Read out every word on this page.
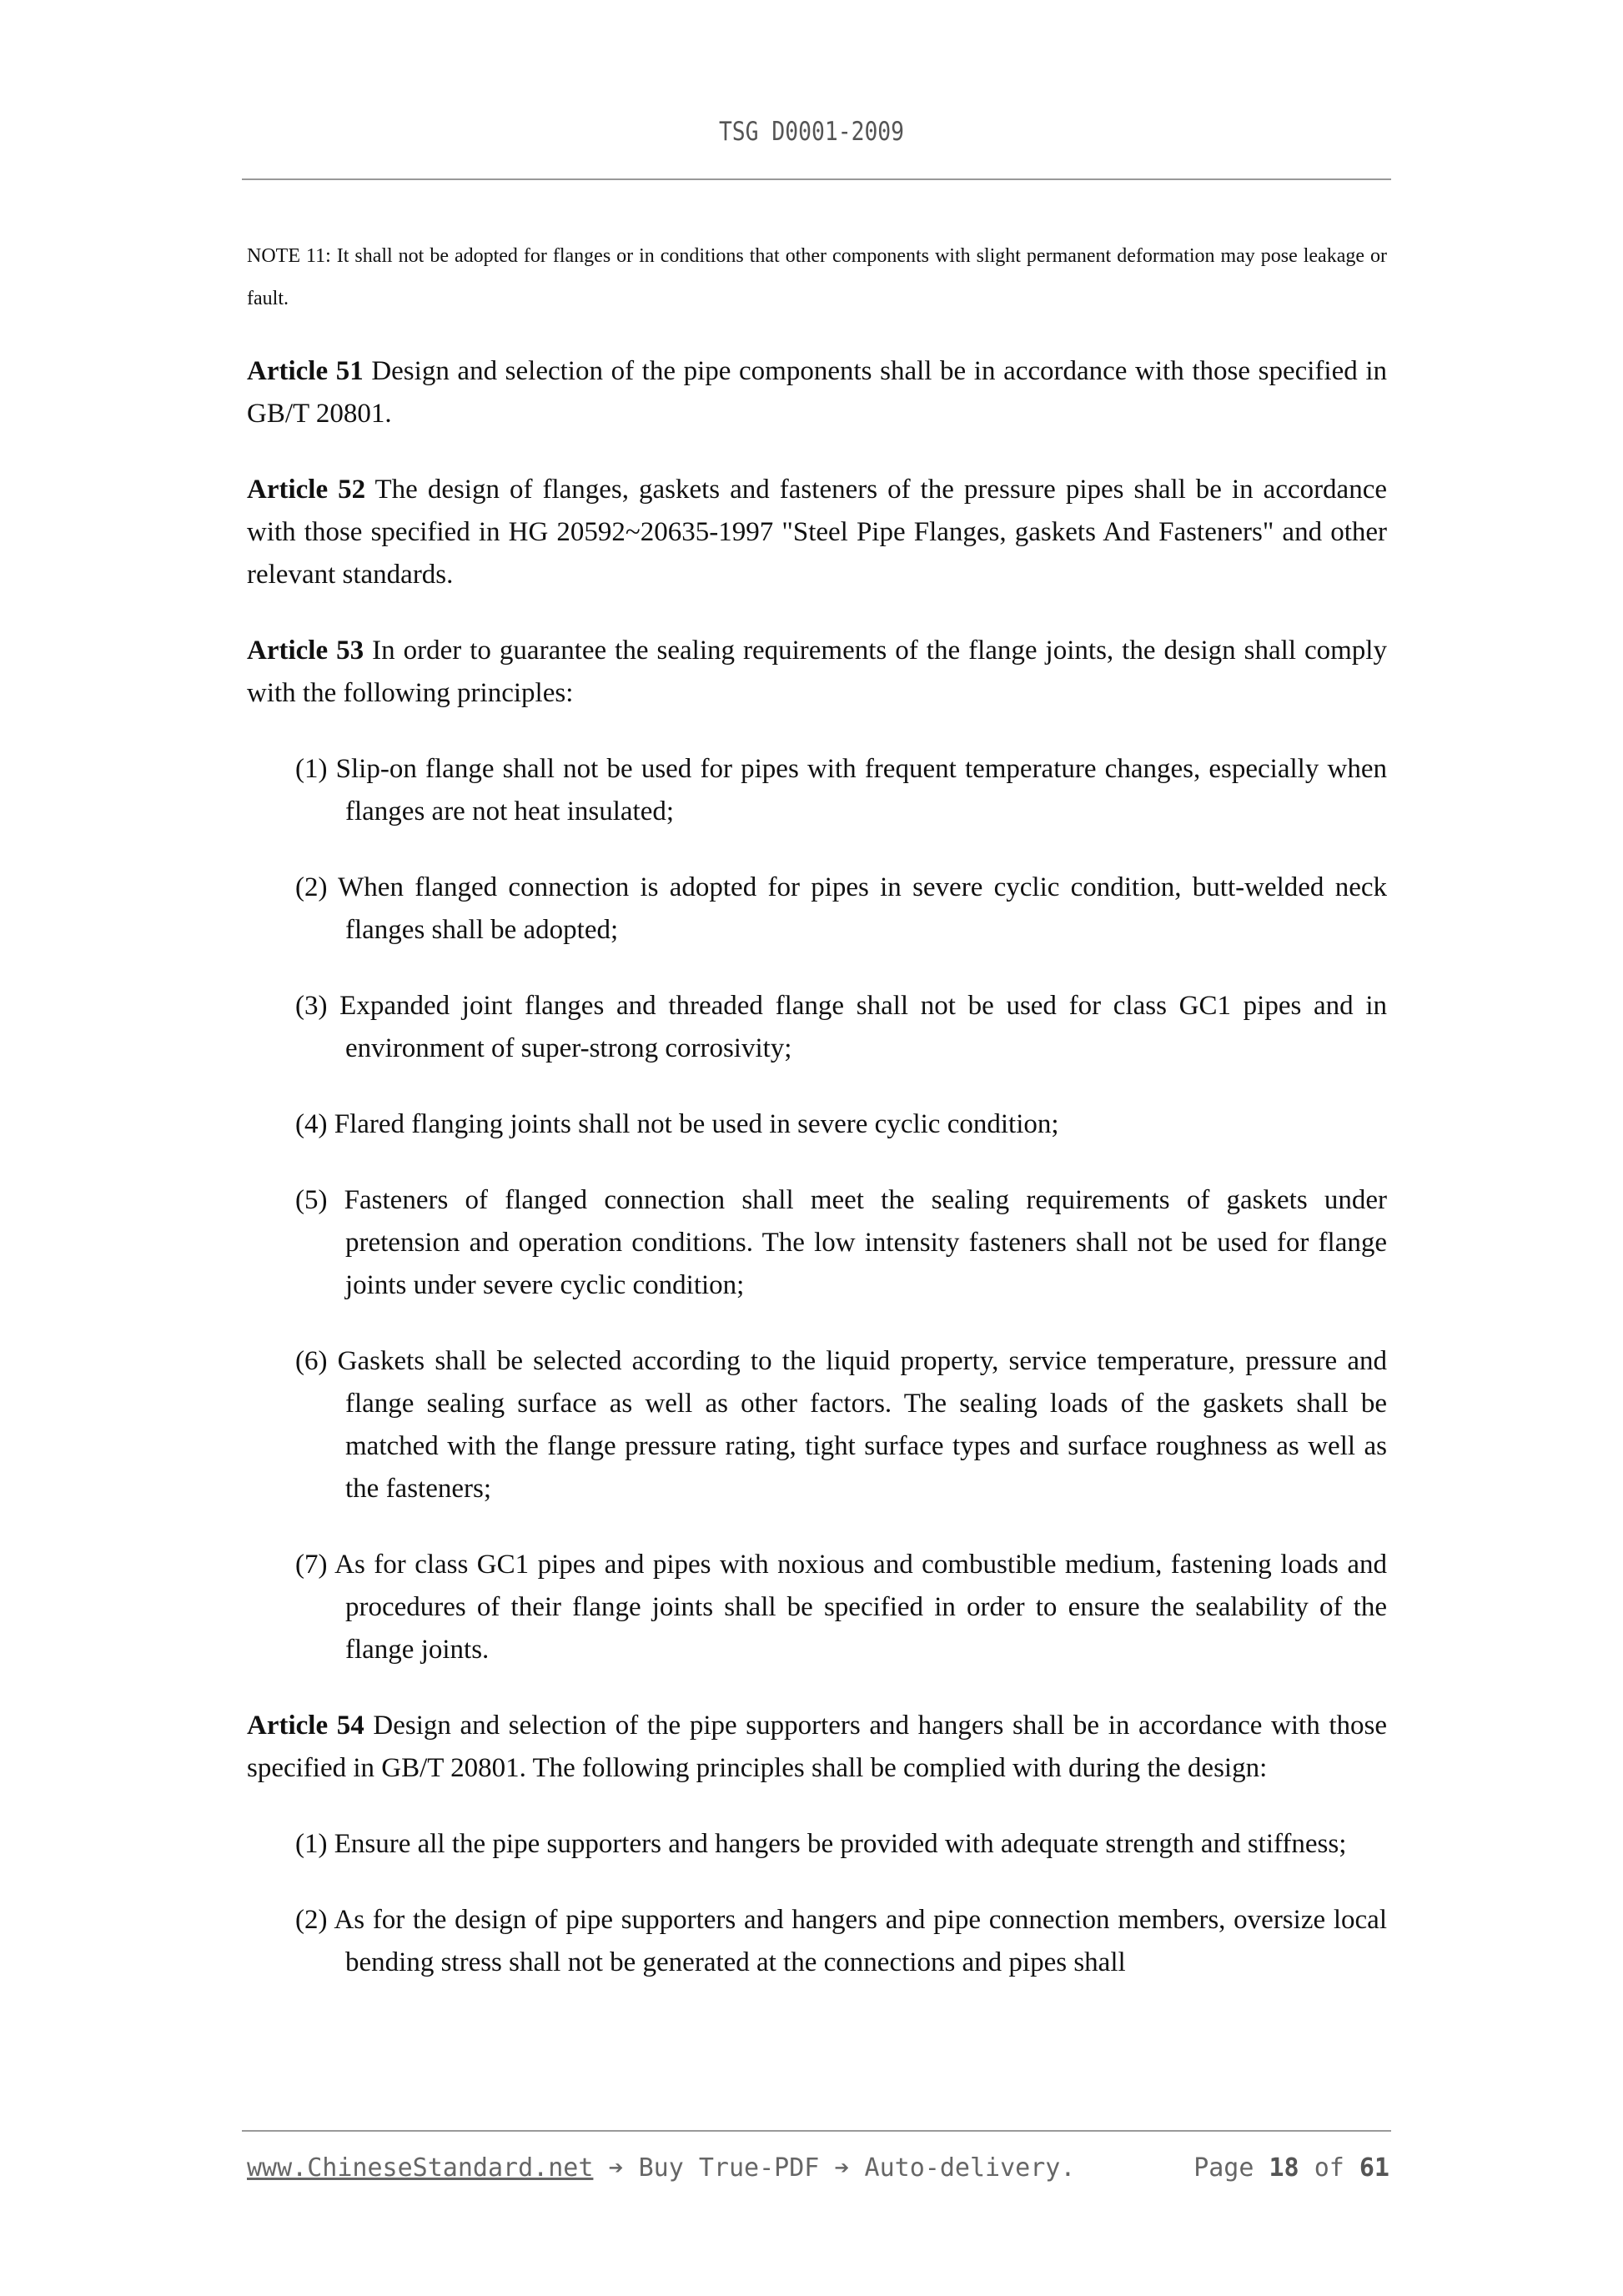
TSG D0001-2009
NOTE 11: It shall not be adopted for flanges or in conditions that other components with slight permanent deformation may pose leakage or fault.

Article 51 Design and selection of the pipe components shall be in accordance with those specified in GB/T 20801.

Article 52 The design of flanges, gaskets and fasteners of the pressure pipes shall be in accordance with those specified in HG 20592~20635-1997 "Steel Pipe Flanges, gaskets And Fasteners" and other relevant standards.

Article 53 In order to guarantee the sealing requirements of the flange joints, the design shall comply with the following principles:

(1) Slip-on flange shall not be used for pipes with frequent temperature changes, especially when flanges are not heat insulated;

(2) When flanged connection is adopted for pipes in severe cyclic condition, butt-welded neck flanges shall be adopted;

(3) Expanded joint flanges and threaded flange shall not be used for class GC1 pipes and in environment of super-strong corrosivity;

(4) Flared flanging joints shall not be used in severe cyclic condition;

(5) Fasteners of flanged connection shall meet the sealing requirements of gaskets under pretension and operation conditions. The low intensity fasteners shall not be used for flange joints under severe cyclic condition;

(6) Gaskets shall be selected according to the liquid property, service temperature, pressure and flange sealing surface as well as other factors. The sealing loads of the gaskets shall be matched with the flange pressure rating, tight surface types and surface roughness as well as the fasteners;

(7) As for class GC1 pipes and pipes with noxious and combustible medium, fastening loads and procedures of their flange joints shall be specified in order to ensure the sealability of the flange joints.

Article 54 Design and selection of the pipe supporters and hangers shall be in accordance with those specified in GB/T 20801. The following principles shall be complied with during the design:

(1) Ensure all the pipe supporters and hangers be provided with adequate strength and stiffness;

(2) As for the design of pipe supporters and hangers and pipe connection members, oversize local bending stress shall not be generated at the connections and pipes shall

www.ChineseStandard.net ➔ Buy True-PDF ➔ Auto-delivery.	Page 18 of 61
